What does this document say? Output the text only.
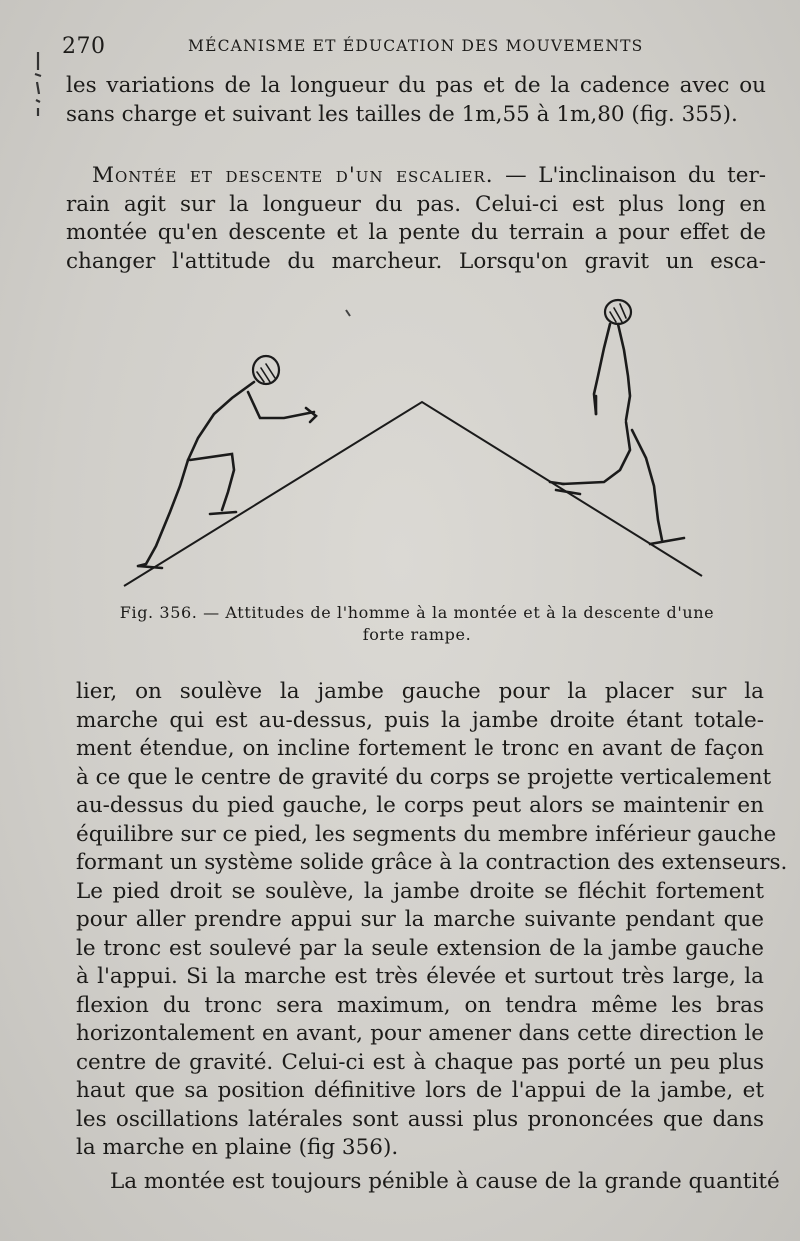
270	MÉCANISME ET ÉDUCATION DES MOUVEMENTS
les variations de la longueur du pas et de la cadence avec ou
sans charge et suivant les tailles de 1m,55 à 1m,80 (fig. 355).
Montée et descente d'un escalier. — L'inclinaison du ter-
rain agit sur la longueur du pas. Celui-ci est plus long en
montée qu'en descente et la pente du terrain a pour effet de
changer l'attitude du marcheur. Lorsqu'on gravit un esca-
Fig. 356. — Attitudes de l'homme à la montée et à la descente d'une
forte rampe.
lier, on soulève la jambe gauche pour la placer sur la
marche qui est au-dessus, puis la jambe droite étant totale-
ment étendue, on incline fortement le tronc en avant de façon
à ce que le centre de gravité du corps se projette verticalement
au-dessus du pied gauche, le corps peut alors se maintenir en
équilibre sur ce pied, les segments du membre inférieur gauche
formant un système solide grâce à la contraction des extenseurs.
Le pied droit se soulève, la jambe droite se fléchit fortement
pour aller prendre appui sur la marche suivante pendant que
le tronc est soulevé par la seule extension de la jambe gauche
à l'appui. Si la marche est très élevée et surtout très large, la
flexion du tronc sera maximum, on tendra même les bras
horizontalement en avant, pour amener dans cette direction le
centre de gravité. Celui-ci est à chaque pas porté un peu plus
haut que sa position définitive lors de l'appui de la jambe, et
les oscillations latérales sont aussi plus prononcées que dans
la marche en plaine (fig 356).
La montée est toujours pénible à cause de la grande quantité
